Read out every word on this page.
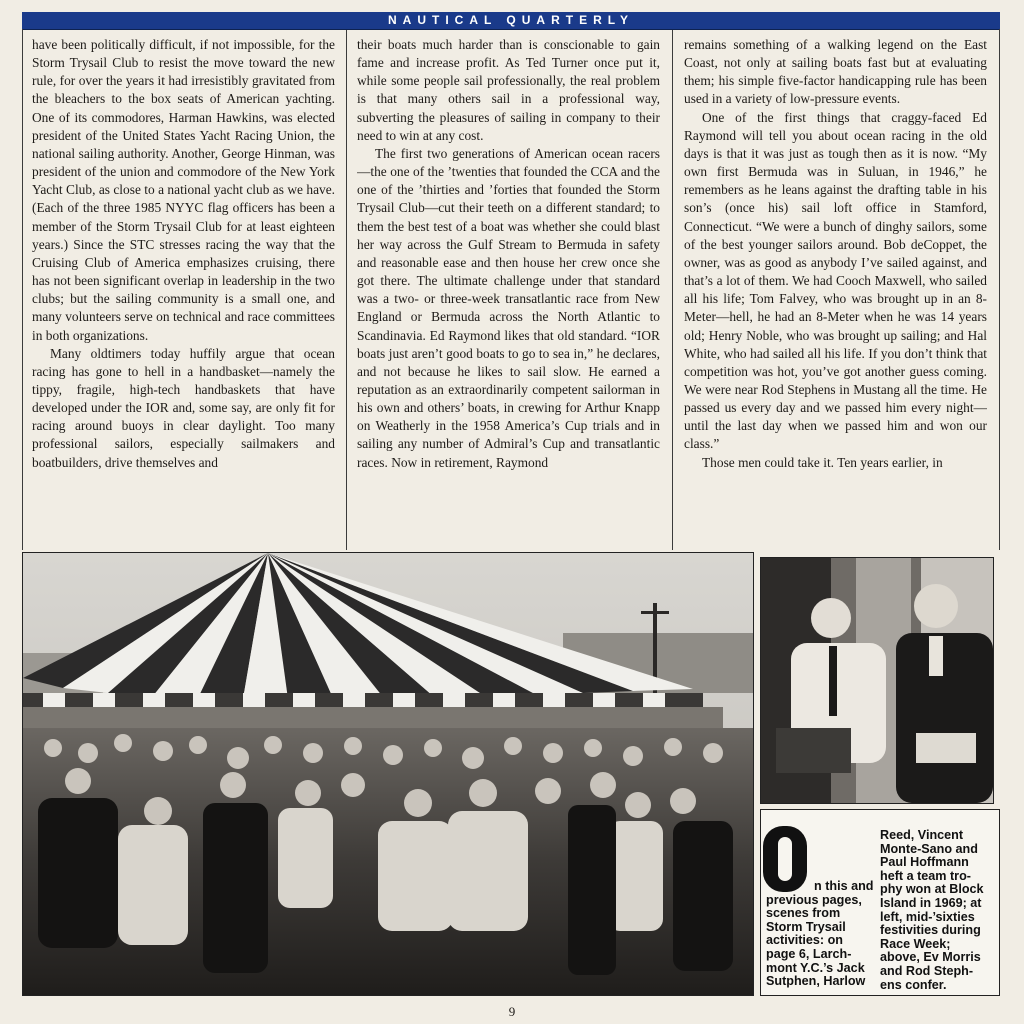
NAUTICAL QUARTERLY

have been politically difficult, if not impossible, for the Storm Trysail Club to resist the move toward the new rule, for over the years it had irresistibly gravitated from the bleachers to the box seats of American yachting. One of its commodores, Harman Hawkins, was elected president of the United States Yacht Racing Union, the national sailing authority. Another, George Hinman, was president of the union and commodore of the New York Yacht Club, as close to a national yacht club as we have. (Each of the three 1985 NYYC flag officers has been a member of the Storm Trysail Club for at least eighteen years.) Since the STC stresses racing the way that the Cruising Club of America emphasizes cruising, there has not been significant overlap in leadership in the two clubs; but the sailing community is a small one, and many volunteers serve on technical and race committees in both organizations.

Many oldtimers today huffily argue that ocean racing has gone to hell in a handbasket—namely the tippy, fragile, high-tech handbaskets that have developed under the IOR and, some say, are only fit for racing around buoys in clear daylight. Too many professional sailors, especially sailmakers and boatbuilders, drive themselves and

their boats much harder than is conscionable to gain fame and increase profit. As Ted Turner once put it, while some people sail professionally, the real problem is that many others sail in a professional way, subverting the pleasures of sailing in company to their need to win at any cost.

The first two generations of American ocean racers—the one of the ’twenties that founded the CCA and the one of the ’thirties and ’forties that founded the Storm Trysail Club—cut their teeth on a different standard; to them the best test of a boat was whether she could blast her way across the Gulf Stream to Bermuda in safety and reasonable ease and then house her crew once she got there. The ultimate challenge under that standard was a two- or three-week transatlantic race from New England or Bermuda across the North Atlantic to Scandinavia. Ed Raymond likes that old standard. “IOR boats just aren’t good boats to go to sea in,” he declares, and not because he likes to sail slow. He earned a reputation as an extraordinarily competent sailorman in his own and others’ boats, in crewing for Arthur Knapp on Weatherly in the 1958 America’s Cup trials and in sailing any number of Admiral’s Cup and transatlantic races. Now in retirement, Raymond

remains something of a walking legend on the East Coast, not only at sailing boats fast but at evaluating them; his simple five-factor handicapping rule has been used in a variety of low-pressure events.

One of the first things that craggy-faced Ed Raymond will tell you about ocean racing in the old days is that it was just as tough then as it is now. “My own first Bermuda was in Suluan, in 1946,” he remembers as he leans against the drafting table in his son’s (once his) sail loft office in Stamford, Connecticut. “We were a bunch of dinghy sailors, some of the best younger sailors around. Bob deCoppet, the owner, was as good as anybody I’ve sailed against, and that’s a lot of them. We had Cooch Maxwell, who sailed all his life; Tom Falvey, who was brought up in an 8-Meter—hell, he had an 8-Meter when he was 14 years old; Henry Noble, who was brought up sailing; and Hal White, who had sailed all his life. If you don’t think that competition was hot, you’ve got another guess coming. We were near Rod Stephens in Mustang all the time. He passed us every day and we passed him every night—until the last day when we passed him and won our class.”

Those men could take it. Ten years earlier, in

n this and
previous pages,
scenes from
Storm Trysail
activities: on
page 6, Larch-
mont Y.C.’s Jack
Sutphen, Harlow
Reed, Vincent
Monte-Sano and
Paul Hoffmann
heft a team tro-
phy won at Block
Island in 1969; at
left, mid-’sixties
festivities during
Race Week;
above, Ev Morris
and Rod Steph-
ens confer.
9
